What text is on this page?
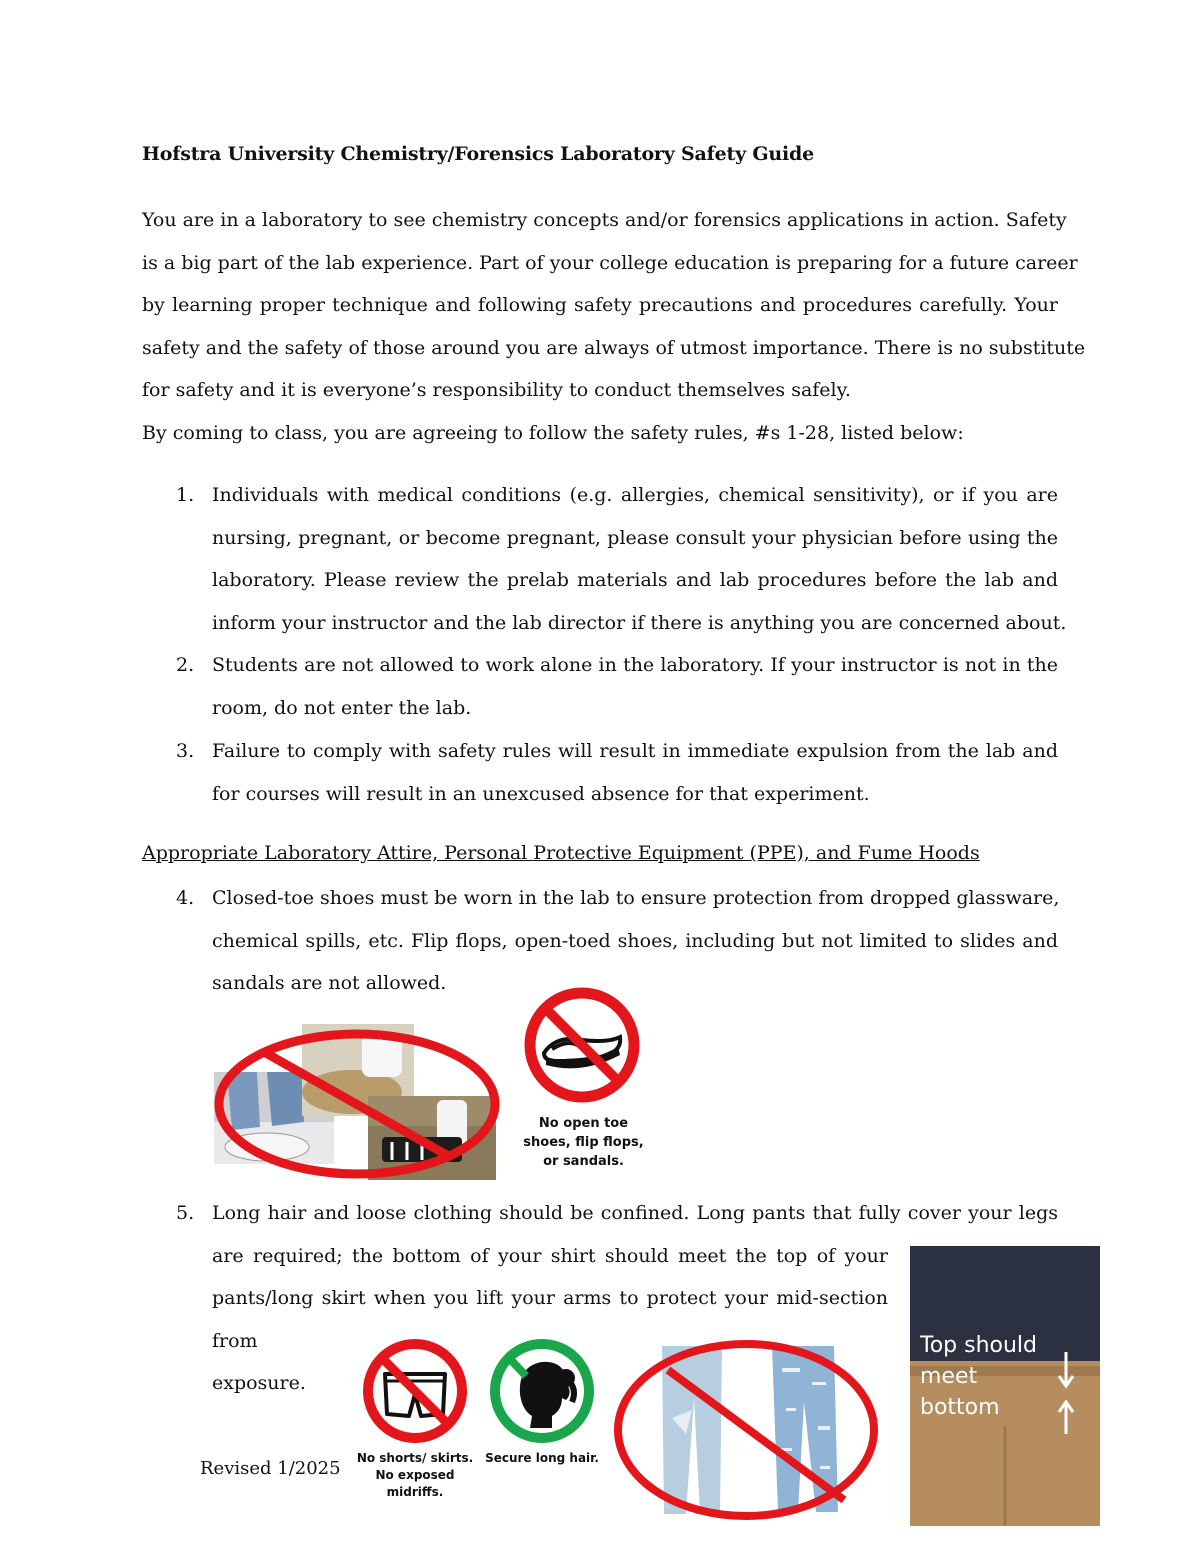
Hofstra University Chemistry/Forensics Laboratory Safety Guide
You are in a laboratory to see chemistry concepts and/or forensics applications in action. Safety
is a big part of the lab experience. Part of your college education is preparing for a future career
by learning proper technique and following safety precautions and procedures carefully. Your
safety and the safety of those around you are always of utmost importance. There is no substitute
for safety and it is everyone’s responsibility to conduct themselves safely.
By coming to class, you are agreeing to follow the safety rules, #s 1-28, listed below:
1. Individuals with medical conditions (e.g. allergies, chemical sensitivity), or if you are
nursing, pregnant, or become pregnant, please consult your physician before using the
laboratory. Please review the prelab materials and lab procedures before the lab and
inform your instructor and the lab director if there is anything you are concerned about.
2. Students are not allowed to work alone in the laboratory. If your instructor is not in the
room, do not enter the lab.
3. Failure to comply with safety rules will result in immediate expulsion from the lab and
for courses will result in an unexcused absence for that experiment.
Appropriate Laboratory Attire, Personal Protective Equipment (PPE), and Fume Hoods
4. Closed-toe shoes must be worn in the lab to ensure protection from dropped glassware,
chemical spills, etc. Flip flops, open-toed shoes, including but not limited to slides and
sandals are not allowed.
No open toe
shoes, flip flops,
or sandals.
5. Long hair and loose clothing should be confined. Long pants that fully cover your legs
are required; the bottom of your shirt should meet the top of your
pants/long skirt when you lift your arms to protect your mid-section
from
exposure.
No shorts/ skirts.
No exposed
midriffs.
Secure long hair.
Top should
meet
bottom
Revised 1/2025
